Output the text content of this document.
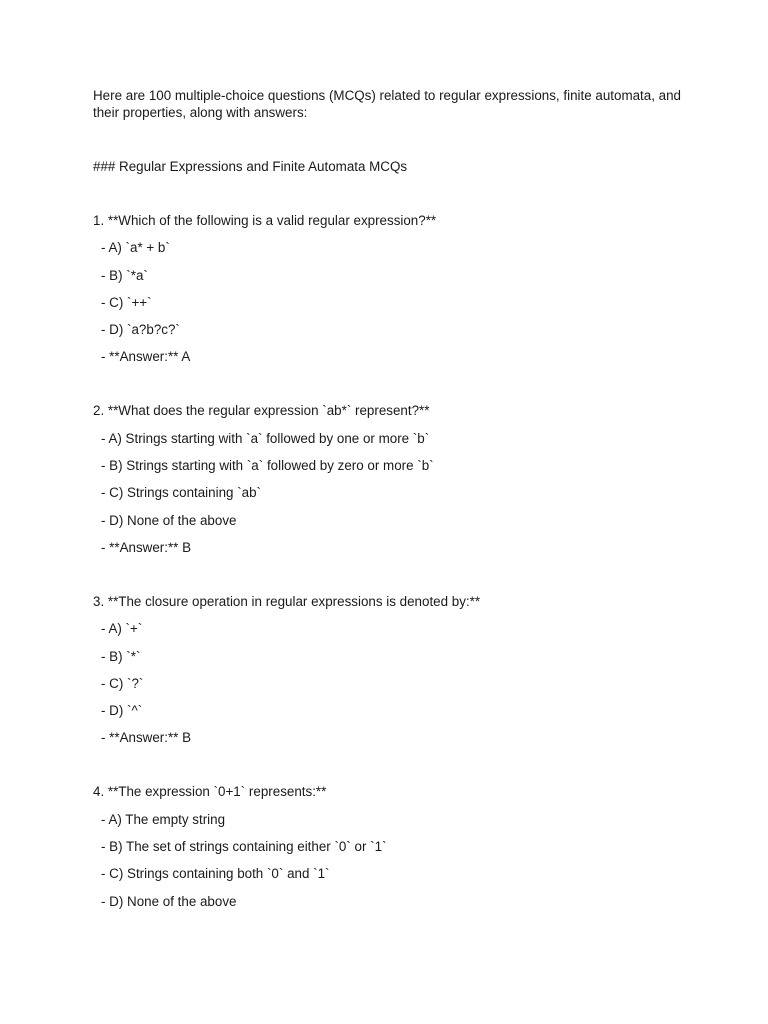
Here are 100 multiple-choice questions (MCQs) related to regular expressions, finite automata, and their properties, along with answers:

### Regular Expressions and Finite Automata MCQs

1. **Which of the following is a valid regular expression?**

- A) `a* + b`
- B) `*a`
- C) `++`
- D) `a?b?c?`

- **Answer:** A

2. **What does the regular expression `ab*` represent?**

- A) Strings starting with `a` followed by one or more `b`
- B) Strings starting with `a` followed by zero or more `b`
- C) Strings containing `ab`
- D) None of the above

- **Answer:** B

3. **The closure operation in regular expressions is denoted by:**

- A) `+`
- B) `*`
- C) `?`
- D) `^`

- **Answer:** B

4. **The expression `0+1` represents:**

- A) The empty string
- B) The set of strings containing either `0` or `1`
- C) Strings containing both `0` and `1`
- D) None of the above
